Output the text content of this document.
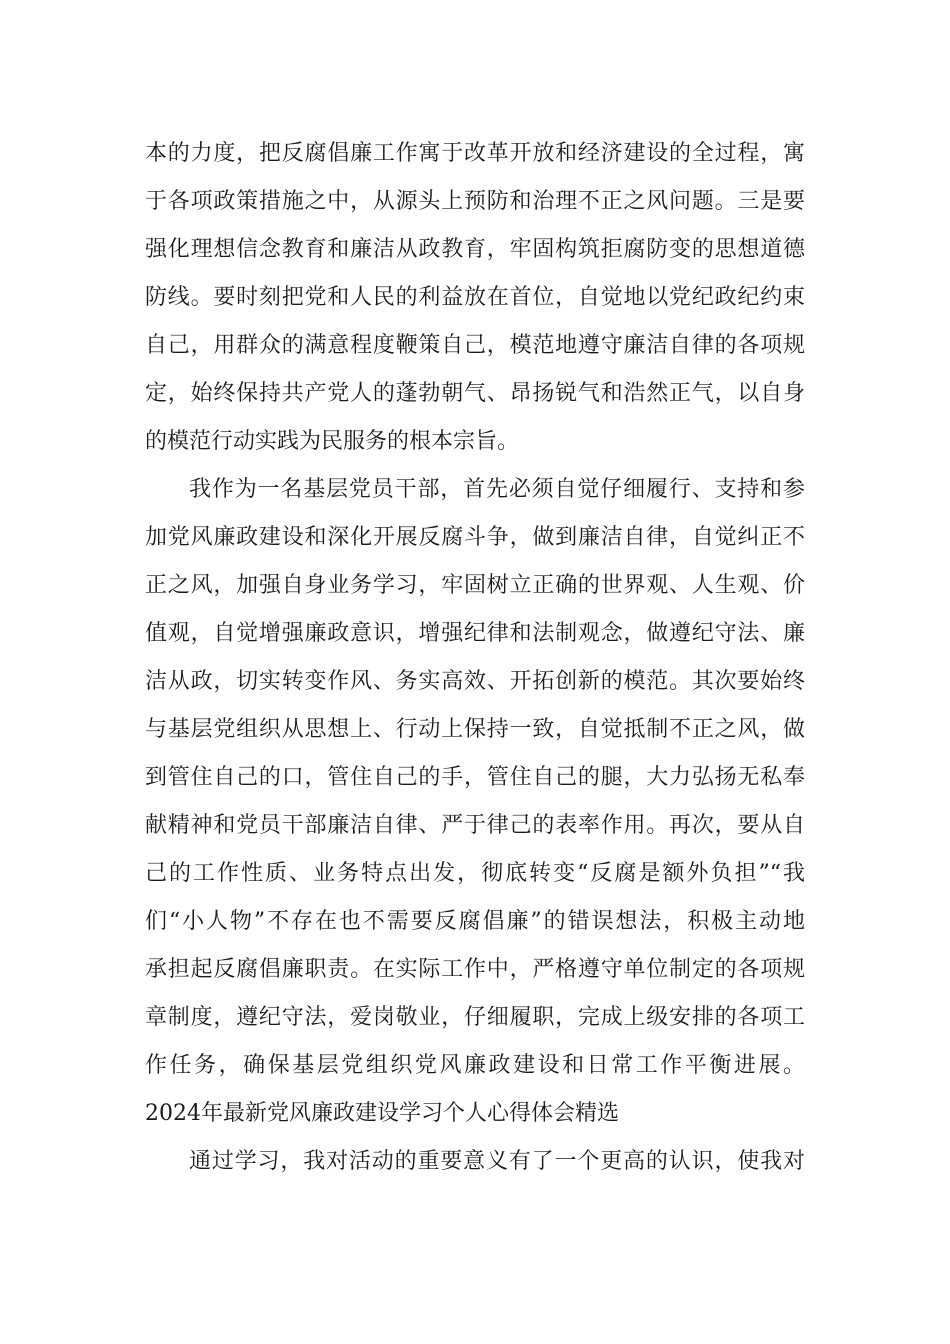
本的力度，把反腐倡廉工作寓于改革开放和经济建设的全过程，寓
于各项政策措施之中，从源头上预防和治理不正之风问题。三是要
强化理想信念教育和廉洁从政教育，牢固构筑拒腐防变的思想道德
防线。要时刻把党和人民的利益放在首位，自觉地以党纪政纪约束
自己，用群众的满意程度鞭策自己，模范地遵守廉洁自律的各项规
定，始终保持共产党人的蓬勃朝气、昂扬锐气和浩然正气，以自身
的模范行动实践为民服务的根本宗旨。
我作为一名基层党员干部，首先必须自觉仔细履行、支持和参
加党风廉政建设和深化开展反腐斗争，做到廉洁自律，自觉纠正不
正之风，加强自身业务学习，牢固树立正确的世界观、人生观、价
值观，自觉增强廉政意识，增强纪律和法制观念，做遵纪守法、廉
洁从政，切实转变作风、务实高效、开拓创新的模范。其次要始终
与基层党组织从思想上、行动上保持一致，自觉抵制不正之风，做
到管住自己的口，管住自己的手，管住自己的腿，大力弘扬无私奉
献精神和党员干部廉洁自律、严于律己的表率作用。再次，要从自
己的工作性质、业务特点出发，彻底转变“反腐是额外负担”“我
们“小人物”不存在也不需要反腐倡廉”的错误想法，积极主动地
承担起反腐倡廉职责。在实际工作中，严格遵守单位制定的各项规
章制度，遵纪守法，爱岗敬业，仔细履职，完成上级安排的各项工
作任务，确保基层党组织党风廉政建设和日常工作平衡进展。
2024年最新党风廉政建设学习个人心得体会精选
通过学习，我对活动的重要意义有了一个更高的认识，使我对
